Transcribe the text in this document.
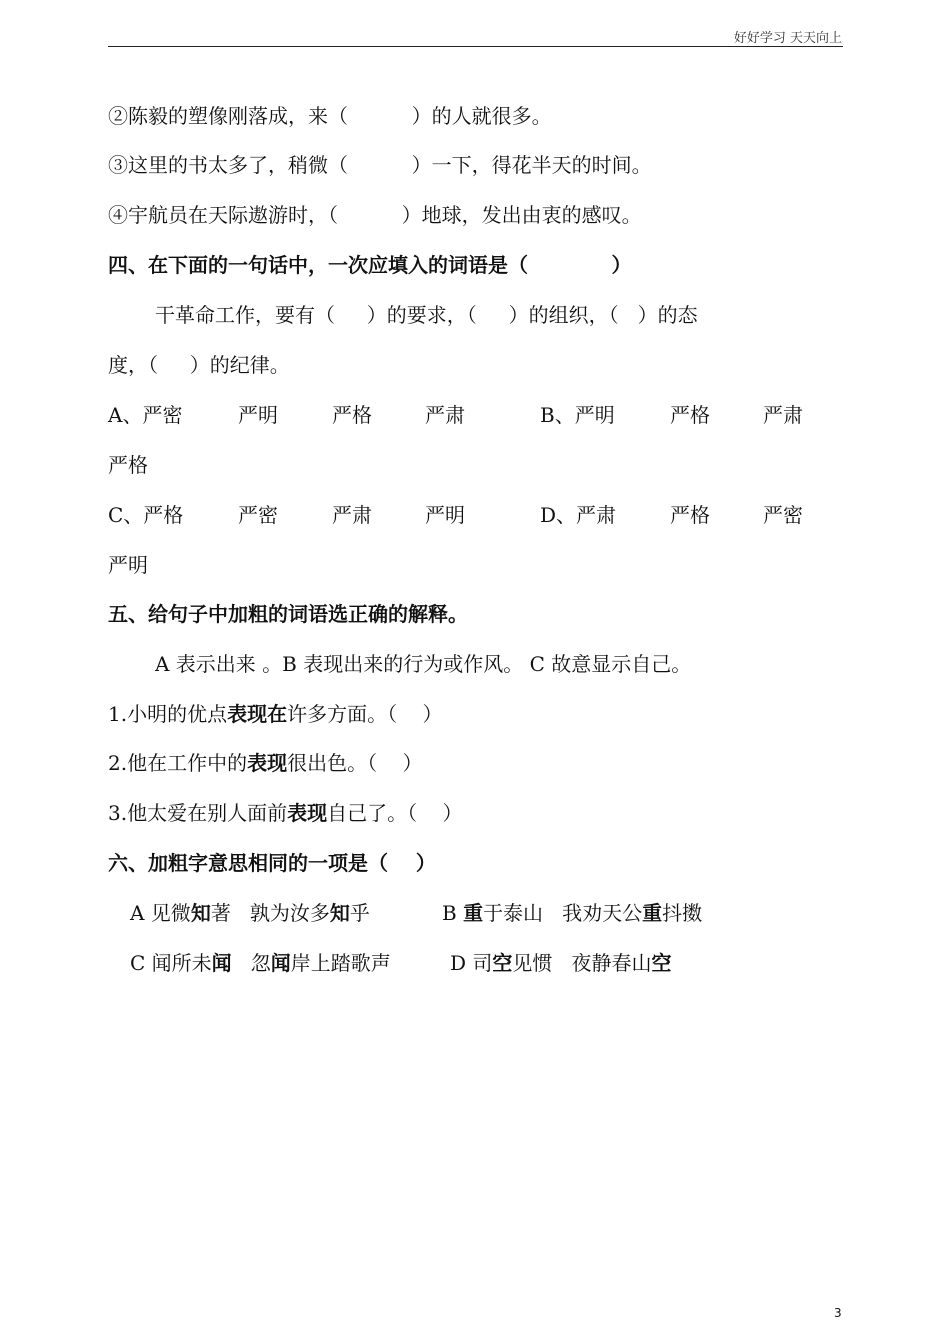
好好学习 天天向上
②陈毅的塑像刚落成，来（          ）的人就很多。
③这里的书太多了，稍微（          ）一下，得花半天的时间。
④宇航员在天际遨游时，（          ）地球，发出由衷的感叹。
四、在下面的一句话中，一次应填入的词语是（            ）
干革命工作，要有（     ）的要求，（     ）的组织，（   ）的态
度，（     ）的纪律。
A、严密	严明	严格	严肃	B、严明	严格	严肃
严格
C、严格	严密	严肃	严明	D、严肃	严格	严密
严明
五、给句子中加粗的词语选正确的解释。
A 表示出来 。B 表现出来的行为或作风。 C 故意显示自己。
1.小明的优点表现在许多方面。（    ）
2.他在工作中的表现很出色。（    ）
3.他太爱在别人面前表现自己了。（    ）
六、加粗字意思相同的一项是（    ）
A 见微知著   孰为汝多知乎	B 重于泰山   我劝天公重抖擞
C 闻所未闻   忽闻岸上踏歌声	D 司空见惯   夜静春山空
3
